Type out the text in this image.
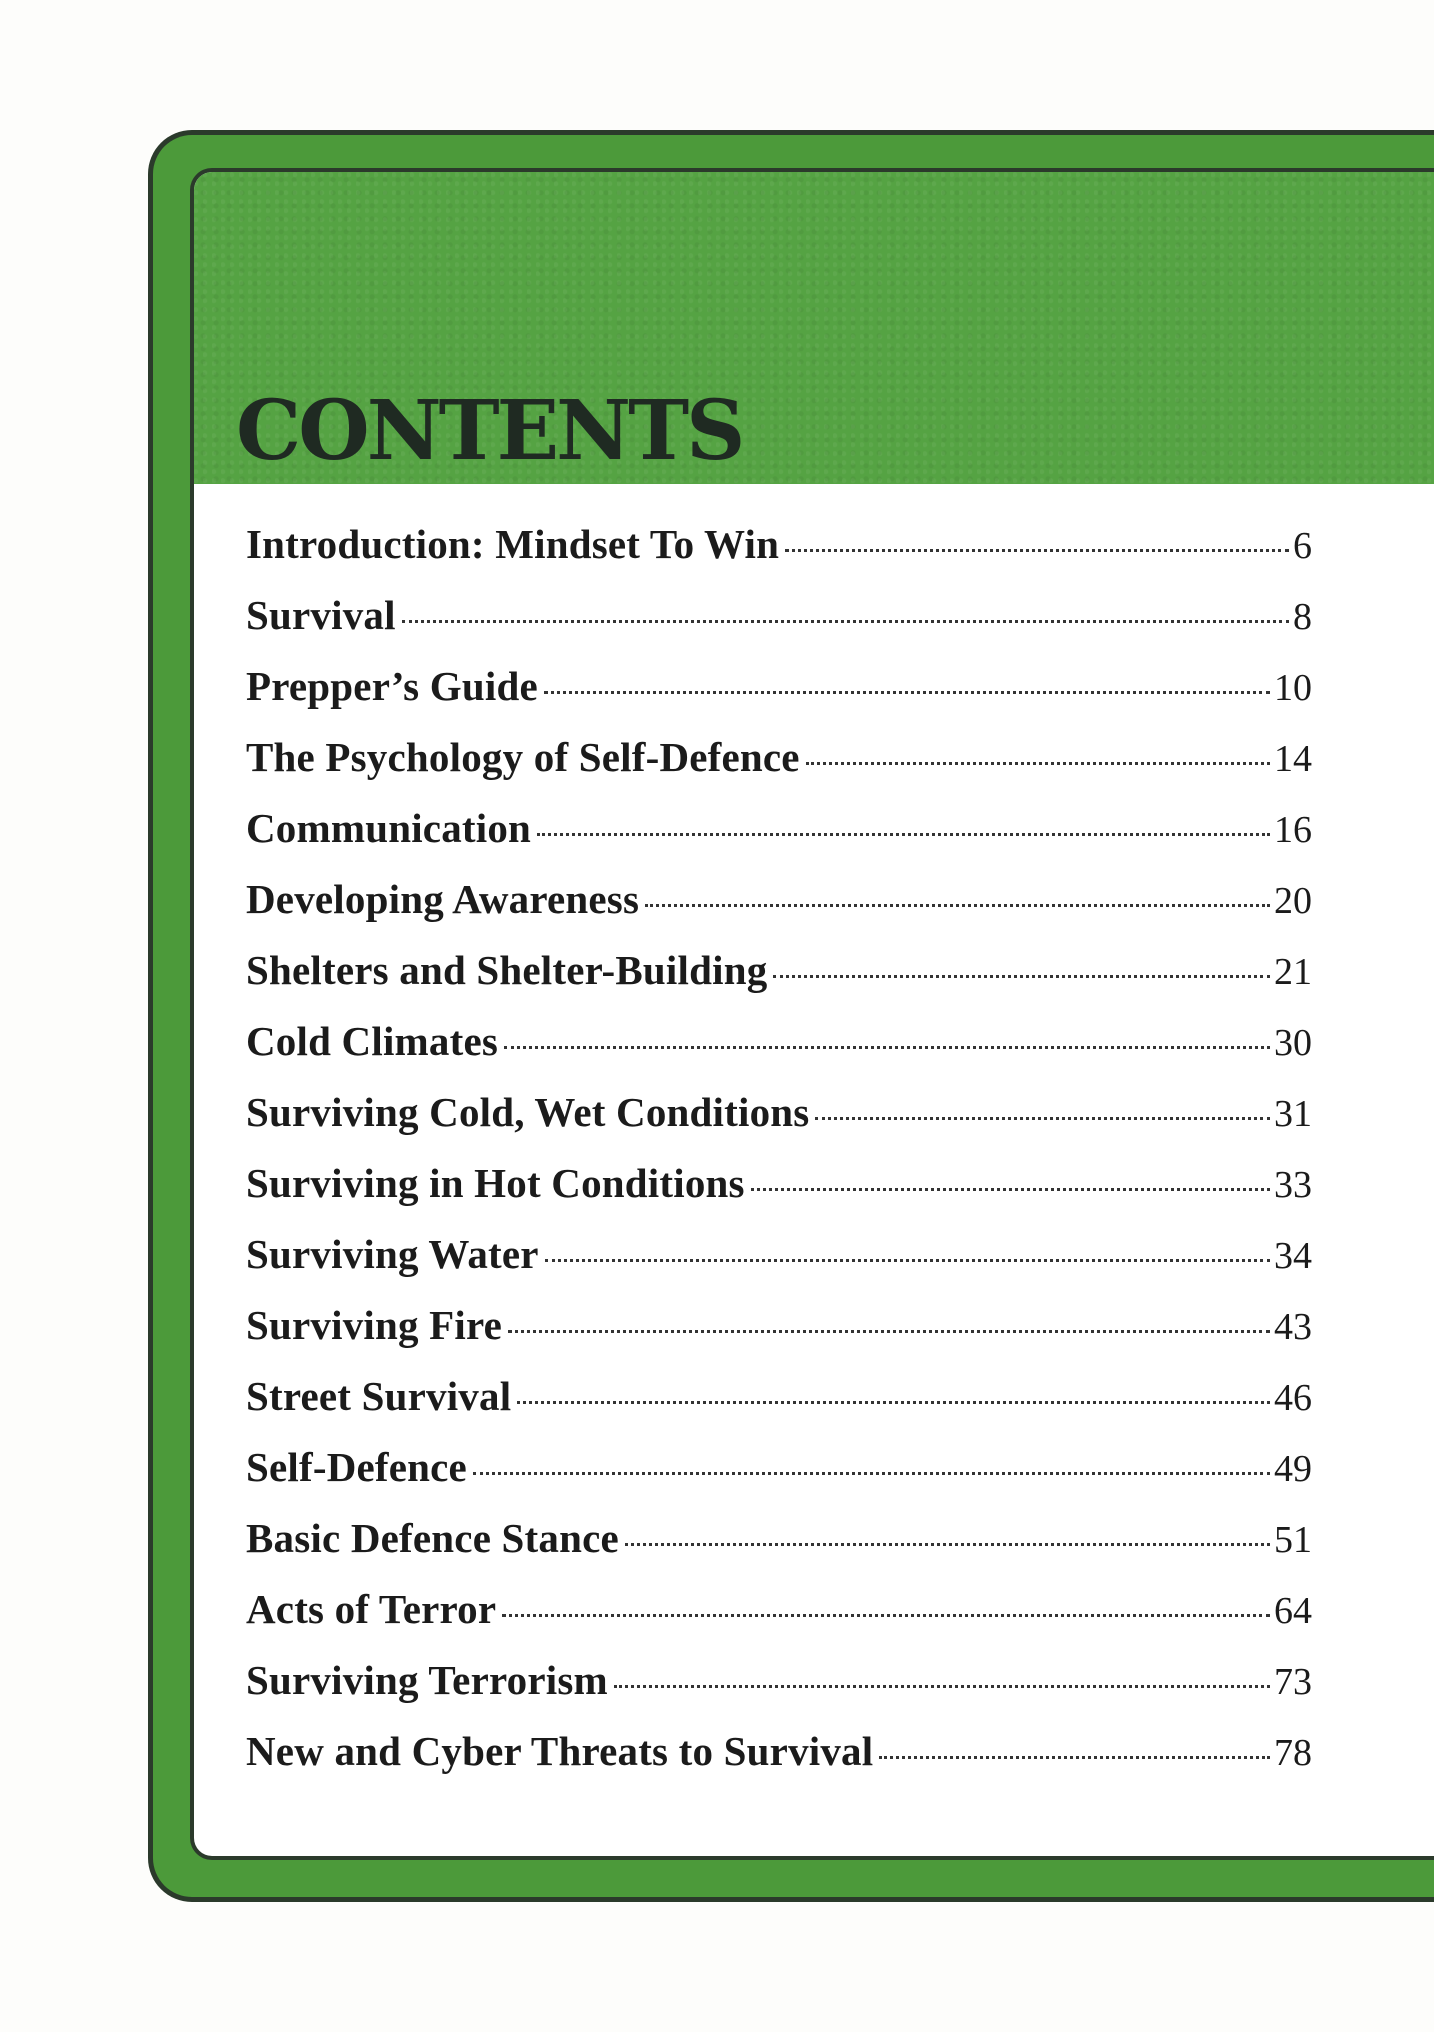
CONTENTS
Introduction: Mindset To Win	6
Survival	8
Prepper’s Guide	10
The Psychology of Self-Defence	14
Communication	16
Developing Awareness	20
Shelters and Shelter-Building	21
Cold Climates	30
Surviving Cold, Wet Conditions	31
Surviving in Hot Conditions	33
Surviving Water	34
Surviving Fire	43
Street Survival	46
Self-Defence	49
Basic Defence Stance	51
Acts of Terror	64
Surviving Terrorism	73
New and Cyber Threats to Survival	78
